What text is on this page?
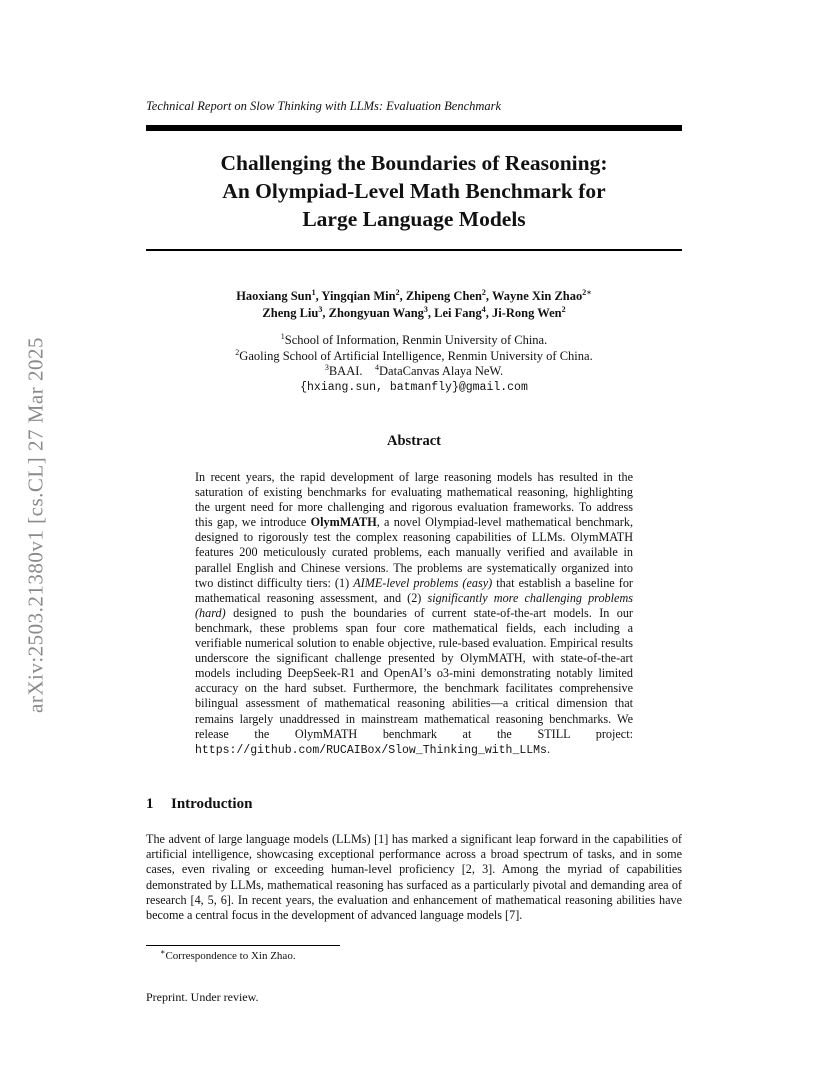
arXiv:2503.21380v1 [cs.CL] 27 Mar 2025
Technical Report on Slow Thinking with LLMs: Evaluation Benchmark
Challenging the Boundaries of Reasoning:
An Olympiad-Level Math Benchmark for
Large Language Models
Haoxiang Sun$^1$, Yingqian Min$^2$, Zhipeng Chen$^2$, Wayne Xin Zhao$^{2∗}$
Zheng Liu$^3$, Zhongyuan Wang$^3$, Lei Fang$^4$, Ji-Rong Wen$^2$
$^1$School of Information, Renmin University of China.
$^2$Gaoling School of Artificial Intelligence, Renmin University of China.
$^3$BAAI. $^4$DataCanvas Alaya NeW.
{hxiang.sun, batmanfly}@gmail.com
Abstract
In recent years, the rapid development of large reasoning models has resulted in the saturation of existing benchmarks for evaluating mathematical reasoning, highlighting the urgent need for more challenging and rigorous evaluation frameworks. To address this gap, we introduce OlymMATH, a novel Olympiad-level mathematical benchmark, designed to rigorously test the complex reasoning capabilities of LLMs. OlymMATH features 200 meticulously curated problems, each manually verified and available in parallel English and Chinese versions. The problems are systematically organized into two distinct difficulty tiers: (1) AIME-level problems (easy) that establish a baseline for mathematical reasoning assessment, and (2) significantly more challenging problems (hard) designed to push the boundaries of current state-of-the-art models. In our benchmark, these problems span four core mathematical fields, each including a verifiable numerical solution to enable objective, rule-based evaluation. Empirical results underscore the significant challenge presented by OlymMATH, with state-of-the-art models including DeepSeek-R1 and OpenAI’s o3-mini demonstrating notably limited accuracy on the hard subset. Furthermore, the benchmark facilitates comprehensive bilingual assessment of mathematical reasoning abilities—a critical dimension that remains largely unaddressed in mainstream mathematical reasoning benchmarks. We release the OlymMATH benchmark at the STILL project: https://github.com/RUCAIBox/Slow_Thinking_with_LLMs.
1 Introduction
The advent of large language models (LLMs) [1] has marked a significant leap forward in the capabilities of artificial intelligence, showcasing exceptional performance across a broad spectrum of tasks, and in some cases, even rivaling or exceeding human-level proficiency [2, 3]. Among the myriad of capabilities demonstrated by LLMs, mathematical reasoning has surfaced as a particularly pivotal and demanding area of research [4, 5, 6]. In recent years, the evaluation and enhancement of mathematical reasoning abilities have become a central focus in the development of advanced language models [7].
∗Correspondence to Xin Zhao.
Preprint. Under review.
